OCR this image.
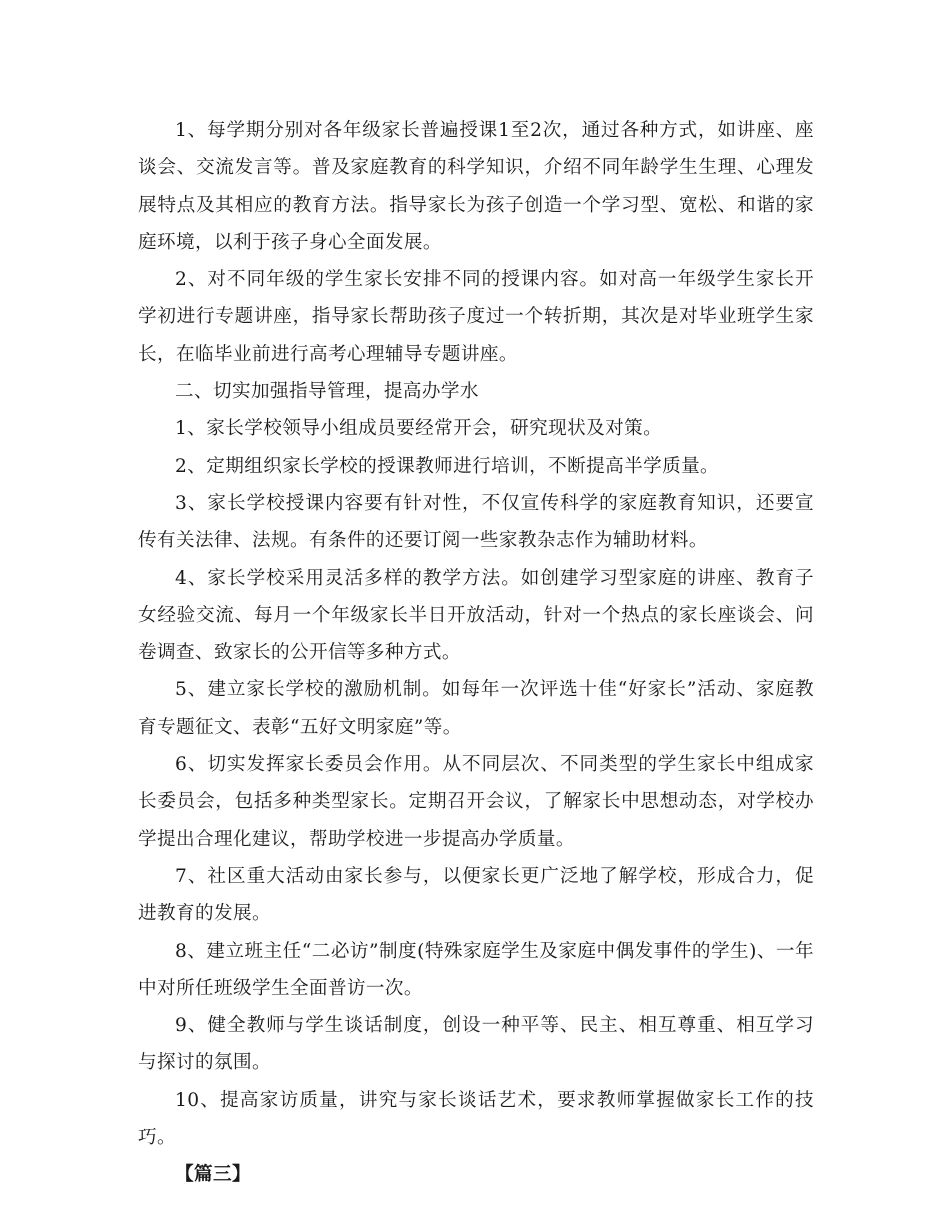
1、每学期分别对各年级家长普遍授课1至2次，通过各种方式，如讲座、座谈会、交流发言等。普及家庭教育的科学知识，介绍不同年龄学生生理、心理发展特点及其相应的教育方法。指导家长为孩子创造一个学习型、宽松、和谐的家庭环境，以利于孩子身心全面发展。

2、对不同年级的学生家长安排不同的授课内容。如对高一年级学生家长开学初进行专题讲座，指导家长帮助孩子度过一个转折期，其次是对毕业班学生家长，在临毕业前进行高考心理辅导专题讲座。

二、切实加强指导管理，提高办学水

1、家长学校领导小组成员要经常开会，研究现状及对策。

2、定期组织家长学校的授课教师进行培训，不断提高半学质量。

3、家长学校授课内容要有针对性，不仅宣传科学的家庭教育知识，还要宣传有关法律、法规。有条件的还要订阅一些家教杂志作为辅助材料。

4、家长学校采用灵活多样的教学方法。如创建学习型家庭的讲座、教育子女经验交流、每月一个年级家长半日开放活动，针对一个热点的家长座谈会、问卷调查、致家长的公开信等多种方式。

5、建立家长学校的激励机制。如每年一次评选十佳“好家长”活动、家庭教育专题征文、表彰“五好文明家庭”等。

6、切实发挥家长委员会作用。从不同层次、不同类型的学生家长中组成家长委员会，包括多种类型家长。定期召开会议，了解家长中思想动态，对学校办学提出合理化建议，帮助学校进一步提高办学质量。

7、社区重大活动由家长参与，以便家长更广泛地了解学校，形成合力，促进教育的发展。

8、建立班主任“二必访”制度(特殊家庭学生及家庭中偶发事件的学生)、一年中对所任班级学生全面普访一次。

9、健全教师与学生谈话制度，创设一种平等、民主、相互尊重、相互学习与探讨的氛围。

10、提高家访质量，讲究与家长谈话艺术，要求教师掌握做家长工作的技巧。

【篇三】
